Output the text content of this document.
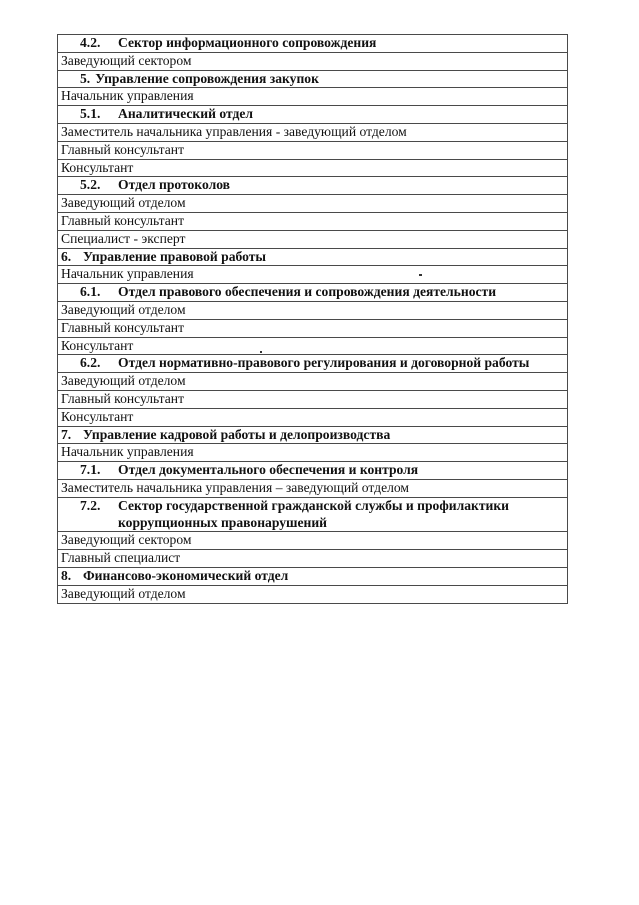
4.2. Сектор информационного сопровождения
Заведующий сектором
5. Управление сопровождения закупок
Начальник управления
5.1. Аналитический отдел
Заместитель начальника управления - заведующий отделом
Главный консультант
Консультант
5.2. Отдел протоколов
Заведующий отделом
Главный консультант
Специалист - эксперт
6. Управление правовой работы
Начальник управления
6.1. Отдел правового обеспечения и сопровождения деятельности
Заведующий отделом
Главный консультант
Консультант

6.2.	Отдел нормативно-правового регулирования и договорной работы

Заведующий отделом
Главный консультант
Консультант
7. Управление кадровой работы и делопроизводства
Начальник управления
7.1. Отдел документального обеспечения и контроля
Заместитель начальника управления – заведующий отделом

7.2.	Сектор государственной гражданской службы и профилактики коррупционных правонарушений

Заведующий сектором
Главный специалист
8. Финансово-экономический отдел
Заведующий отделом
